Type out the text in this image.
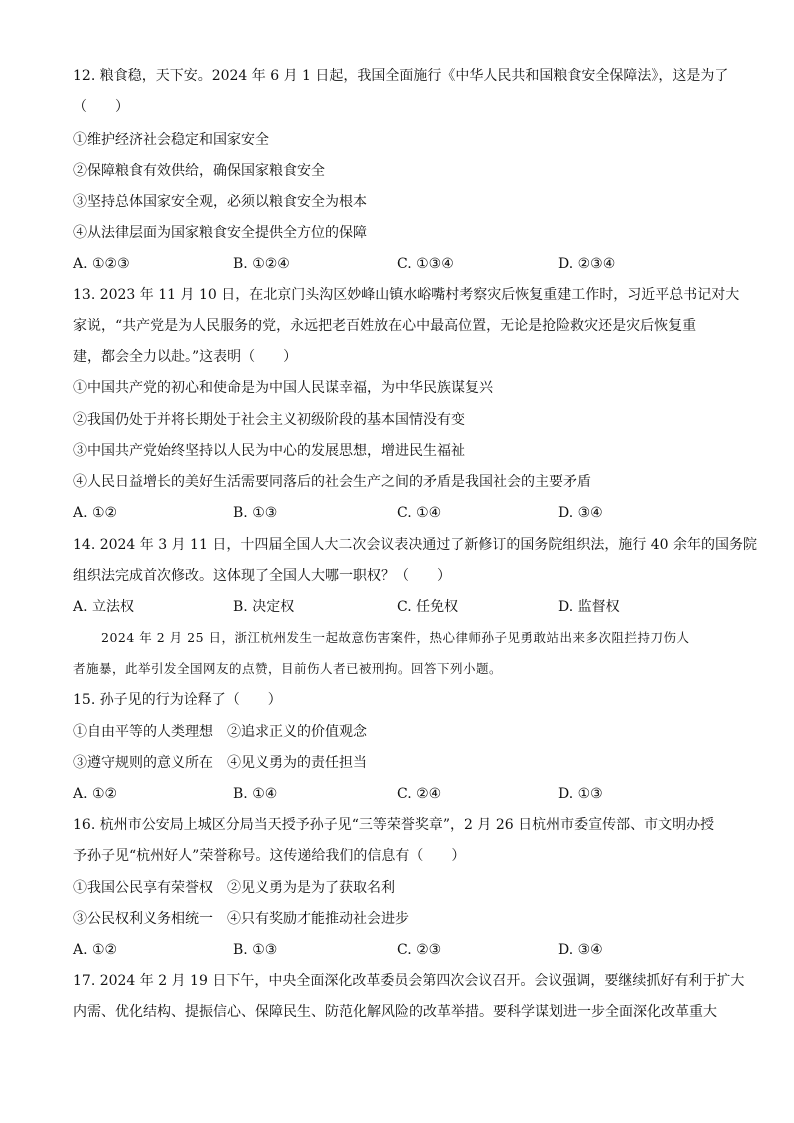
12. 粮食稳，天下安。2024 年 6 月 1 日起，我国全面施行《中华人民共和国粮食安全保障法》，这是为了
（　　）
①维护经济社会稳定和国家安全
②保障粮食有效供给，确保国家粮食安全
③坚持总体国家安全观，必须以粮食安全为根本
④从法律层面为国家粮食安全提供全方位的保障
A. ①②③	B. ①②④	C. ①③④	D. ②③④
13. 2023 年 11 月 10 日，在北京门头沟区妙峰山镇水峪嘴村考察灾后恢复重建工作时，习近平总书记对大
家说，“共产党是为人民服务的党，永远把老百姓放在心中最高位置，无论是抢险救灾还是灾后恢复重
建，都会全力以赴。”这表明（　　）
①中国共产党的初心和使命是为中国人民谋幸福，为中华民族谋复兴
②我国仍处于并将长期处于社会主义初级阶段的基本国情没有变
③中国共产党始终坚持以人民为中心的发展思想，增进民生福祉
④人民日益增长的美好生活需要同落后的社会生产之间的矛盾是我国社会的主要矛盾
A. ①②	B. ①③	C. ①④	D. ③④
14. 2024 年 3 月 11 日，十四届全国人大二次会议表决通过了新修订的国务院组织法，施行 40 余年的国务院
组织法完成首次修改。这体现了全国人大哪一职权？（　　）
A. 立法权	B. 决定权	C. 任免权	D. 监督权
2024 年 2 月 25 日，浙江杭州发生一起故意伤害案件，热心律师孙子见勇敢站出来多次阻拦持刀伤人
者施暴，此举引发全国网友的点赞，目前伤人者已被刑拘。回答下列小题。
15. 孙子见的行为诠释了（　　）
①自由平等的人类理想　②追求正义的价值观念
③遵守规则的意义所在　④见义勇为的责任担当
A. ①②	B. ①④	C. ②④	D. ①③
16. 杭州市公安局上城区分局当天授予孙子见“三等荣誉奖章”，2 月 26 日杭州市委宣传部、市文明办授
予孙子见“杭州好人”荣誉称号。这传递给我们的信息有（　　）
①我国公民享有荣誉权　②见义勇为是为了获取名利
③公民权利义务相统一　④只有奖励才能推动社会进步
A. ①②	B. ①③	C. ②③	D. ③④
17. 2024 年 2 月 19 日下午，中央全面深化改革委员会第四次会议召开。会议强调，要继续抓好有利于扩大
内需、优化结构、提振信心、保障民生、防范化解风险的改革举措。要科学谋划进一步全面深化改革重大
